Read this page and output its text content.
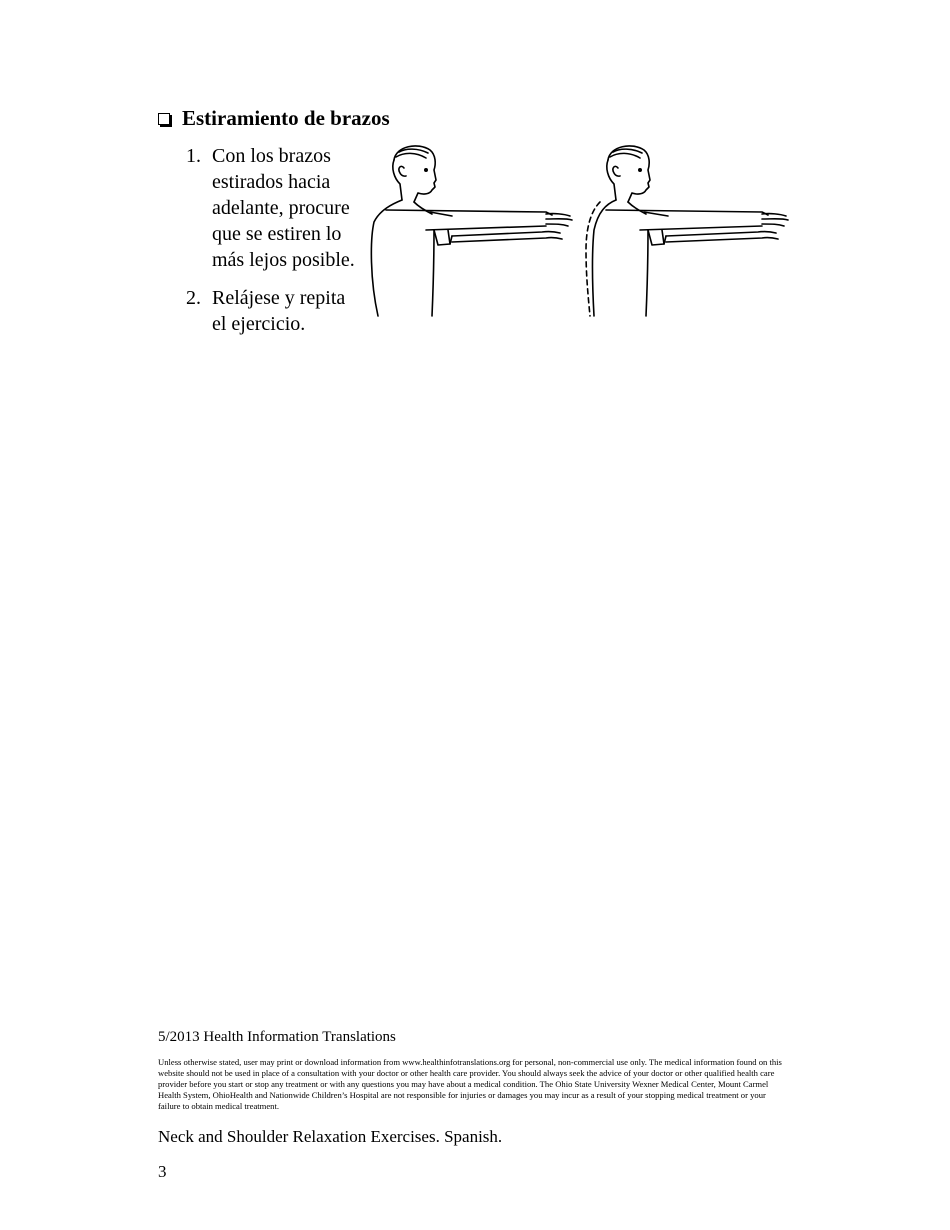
Estiramiento de brazos
1. Con los brazos estirados hacia adelante, procure que se estiren lo más lejos posible.
2. Relájese y repita el ejercicio.
5/2013 Health Information Translations
Unless otherwise stated, user may print or download information from www.healthinfotranslations.org for personal, non-commercial use only. The medical information found on this website should not be used in place of a consultation with your doctor or other health care provider. You should always seek the advice of your doctor or other qualified health care provider before you start or stop any treatment or with any questions you may have about a medical condition. The Ohio State University Wexner Medical Center, Mount Carmel Health System, OhioHealth and Nationwide Children’s Hospital are not responsible for injuries or damages you may incur as a result of your stopping medical treatment or your failure to obtain medical treatment.
Neck and Shoulder Relaxation Exercises. Spanish.
3
